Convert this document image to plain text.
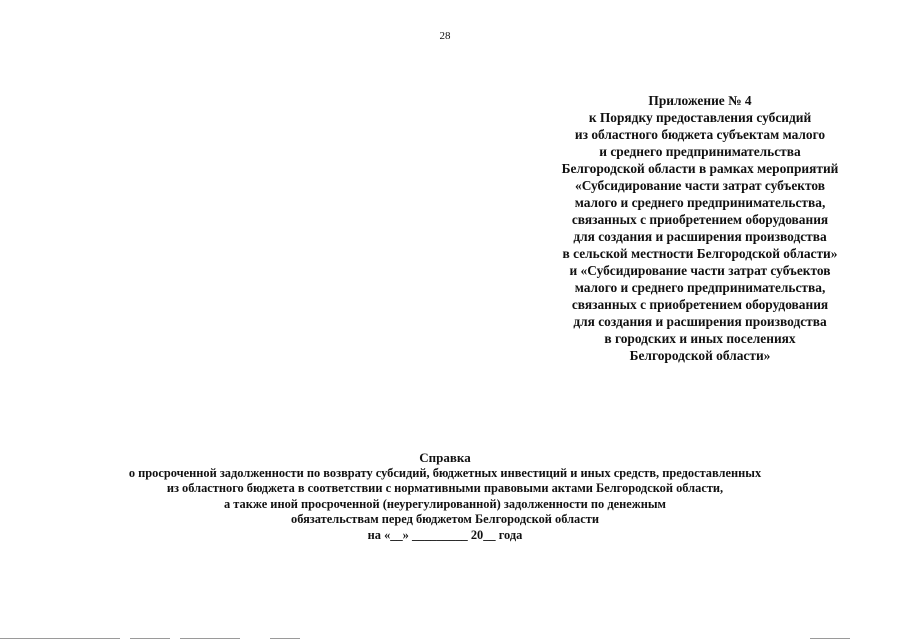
28
Приложение № 4
к Порядку предоставления субсидий
из областного бюджета субъектам малого
и среднего предпринимательства
Белгородской области в рамках мероприятий
«Субсидирование части затрат субъектов
малого и среднего предпринимательства,
связанных с приобретением оборудования
для создания и расширения производства
в сельской местности Белгородской области»
и «Субсидирование части затрат субъектов
малого и среднего предпринимательства,
связанных с приобретением оборудования
для создания и расширения производства
в городских и иных поселениях
Белгородской области»
Справка
о просроченной задолженности по возврату субсидий, бюджетных инвестиций и иных средств, предоставленных
из областного бюджета в соответствии с нормативными правовыми актами Белгородской области,
а также иной просроченной (неурегулированной) задолженности по денежным
обязательствам перед бюджетом Белгородской области
на «__» _________ 20__ года
